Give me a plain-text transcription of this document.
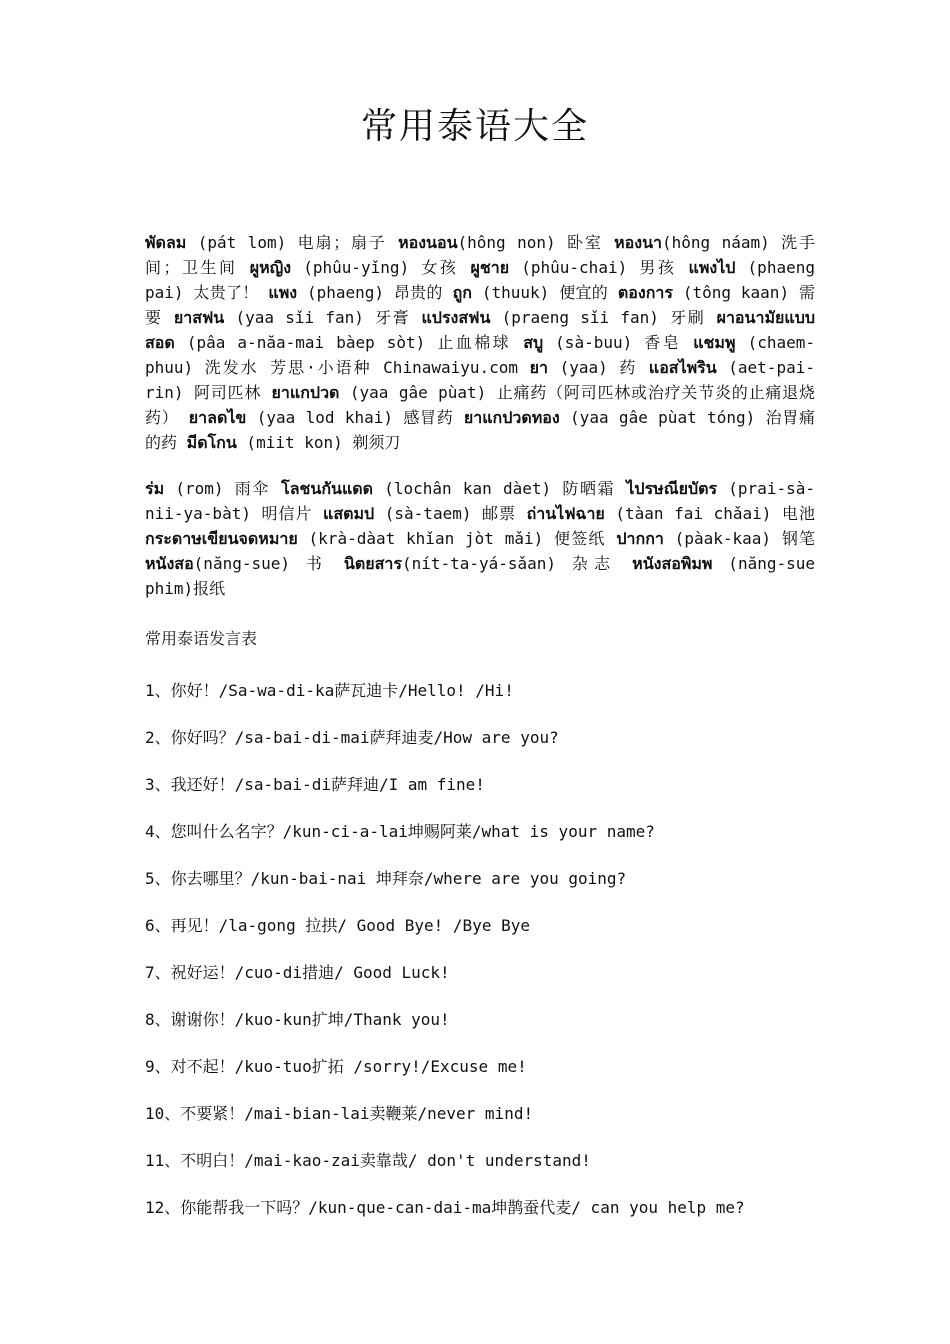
常用泰语大全
พัดลม (pát lom) 电扇；扇子 หองนอน(hông non) 卧室 หองนา(hông náam) 洗手间；卫生间 ผูหญิง (phûu-yǐng) 女孩 ผูชาย (phûu-chai) 男孩 แพงไป (phaeng pai) 太贵了！ แพง (phaeng) 昂贵的 ถูก (thuuk) 便宜的 ตองการ (tông kaan) 需要 ยาสฟน (yaa sǐi fan) 牙膏 แปรงสฟน (praeng sǐi fan) 牙刷 ผาอนามัยแบบสอด (pâa a-năa-mai bàep sòt) 止血棉球 สบู (sà-buu) 香皂 แชมพู (chaem-phuu) 洗发水 芳思·小语种 Chinawaiyu.com ยา (yaa) 药 แอสไพริน (aet-pai-rin) 阿司匹林 ยาแกปวด (yaa gâe pùat) 止痛药（阿司匹林或治疗关节炎的止痛退烧药） ยาลดไข (yaa lod khai) 感冒药 ยาแกปวดทอง (yaa gâe pùat tóng) 治胃痛的药 มีดโกน (miit kon) 剃须刀
ร่ม (rom) 雨伞 โลชนกันแดด (lochân kan dàet) 防晒霜 ไปรษณียบัตร (prai-sà-nii-ya-bàt) 明信片 แสตมป (sà-taem) 邮票 ถ่านไฟฉาย (tàan fai chǎai) 电池 กระดาษเขียนจดหมาย (krà-dàat khǐan jòt mǎi) 便签纸 ปากกา (pàak-kaa) 钢笔 หนังสอ(năng-sue) 书 นิตยสาร(nít-ta-yá-sǎan) 杂志 หนังสอพิมพ (năng-sue phim)报纸
常用泰语发言表
1、你好！/Sa-wa-di-ka萨瓦迪卡/Hello! /Hi!
2、你好吗？/sa-bai-di-mai萨拜迪麦/How are you?
3、我还好！/sa-bai-di萨拜迪/I am fine!
4、您叫什么名字？/kun-ci-a-lai坤赐阿莱/what is your name?
5、你去哪里？/kun-bai-nai 坤拜奈/where are you going?
6、再见！/la-gong 拉拱/ Good Bye! /Bye Bye
7、祝好运！/cuo-di措迪/ Good Luck!
8、谢谢你！/kuo-kun扩坤/Thank you!
9、对不起！/kuo-tuo扩拓 /sorry!/Excuse me!
10、不要紧！/mai-bian-lai卖鞭莱/never mind!
11、不明白！/mai-kao-zai卖靠哉/ don't understand!
12、你能帮我一下吗？/kun-que-can-dai-ma坤鹊蚕代麦/ can you help me?
